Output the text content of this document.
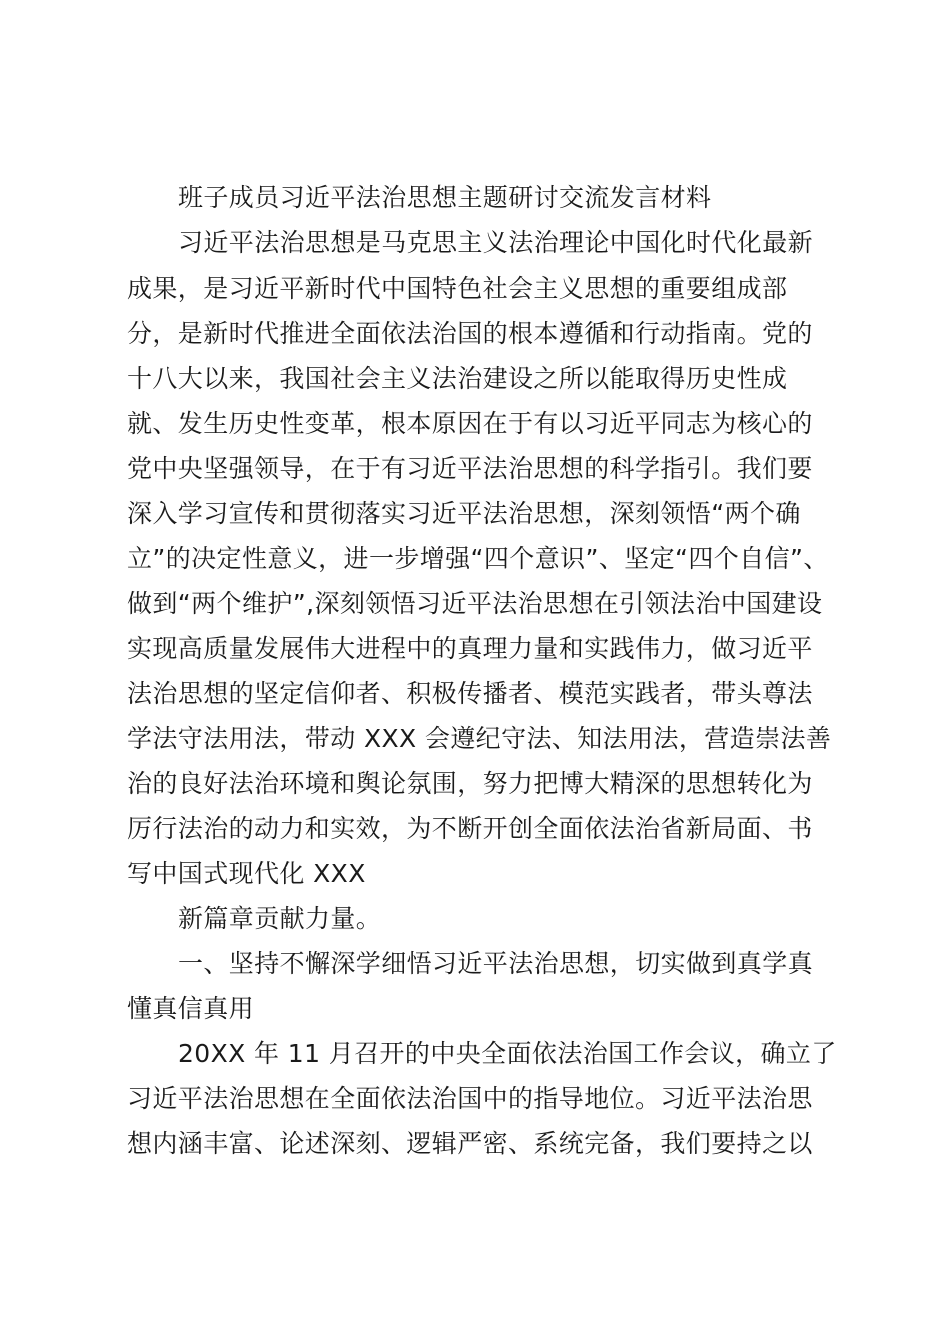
班子成员习近平法治思想主题研讨交流发言材料
习近平法治思想是马克思主义法治理论中国化时代化最新
成果，是习近平新时代中国特色社会主义思想的重要组成部
分，是新时代推进全面依法治国的根本遵循和行动指南。党的
十八大以来，我国社会主义法治建设之所以能取得历史性成
就、发生历史性变革，根本原因在于有以习近平同志为核心的
党中央坚强领导，在于有习近平法治思想的科学指引。我们要
深入学习宣传和贯彻落实习近平法治思想，深刻领悟“两个确
立”的决定性意义，进一步增强“四个意识”、坚定“四个自信”、
做到“两个维护”,深刻领悟习近平法治思想在引领法治中国建设
实现高质量发展伟大进程中的真理力量和实践伟力，做习近平
法治思想的坚定信仰者、积极传播者、模范实践者，带头尊法
学法守法用法，带动 XXX 会遵纪守法、知法用法，营造崇法善
治的良好法治环境和舆论氛围，努力把博大精深的思想转化为
厉行法治的动力和实效，为不断开创全面依法治省新局面、书
写中国式现代化 XXX
新篇章贡献力量。
一、坚持不懈深学细悟习近平法治思想，切实做到真学真
懂真信真用
20XX 年 11 月召开的中央全面依法治国工作会议，确立了
习近平法治思想在全面依法治国中的指导地位。习近平法治思
想内涵丰富、论述深刻、逻辑严密、系统完备，我们要持之以
